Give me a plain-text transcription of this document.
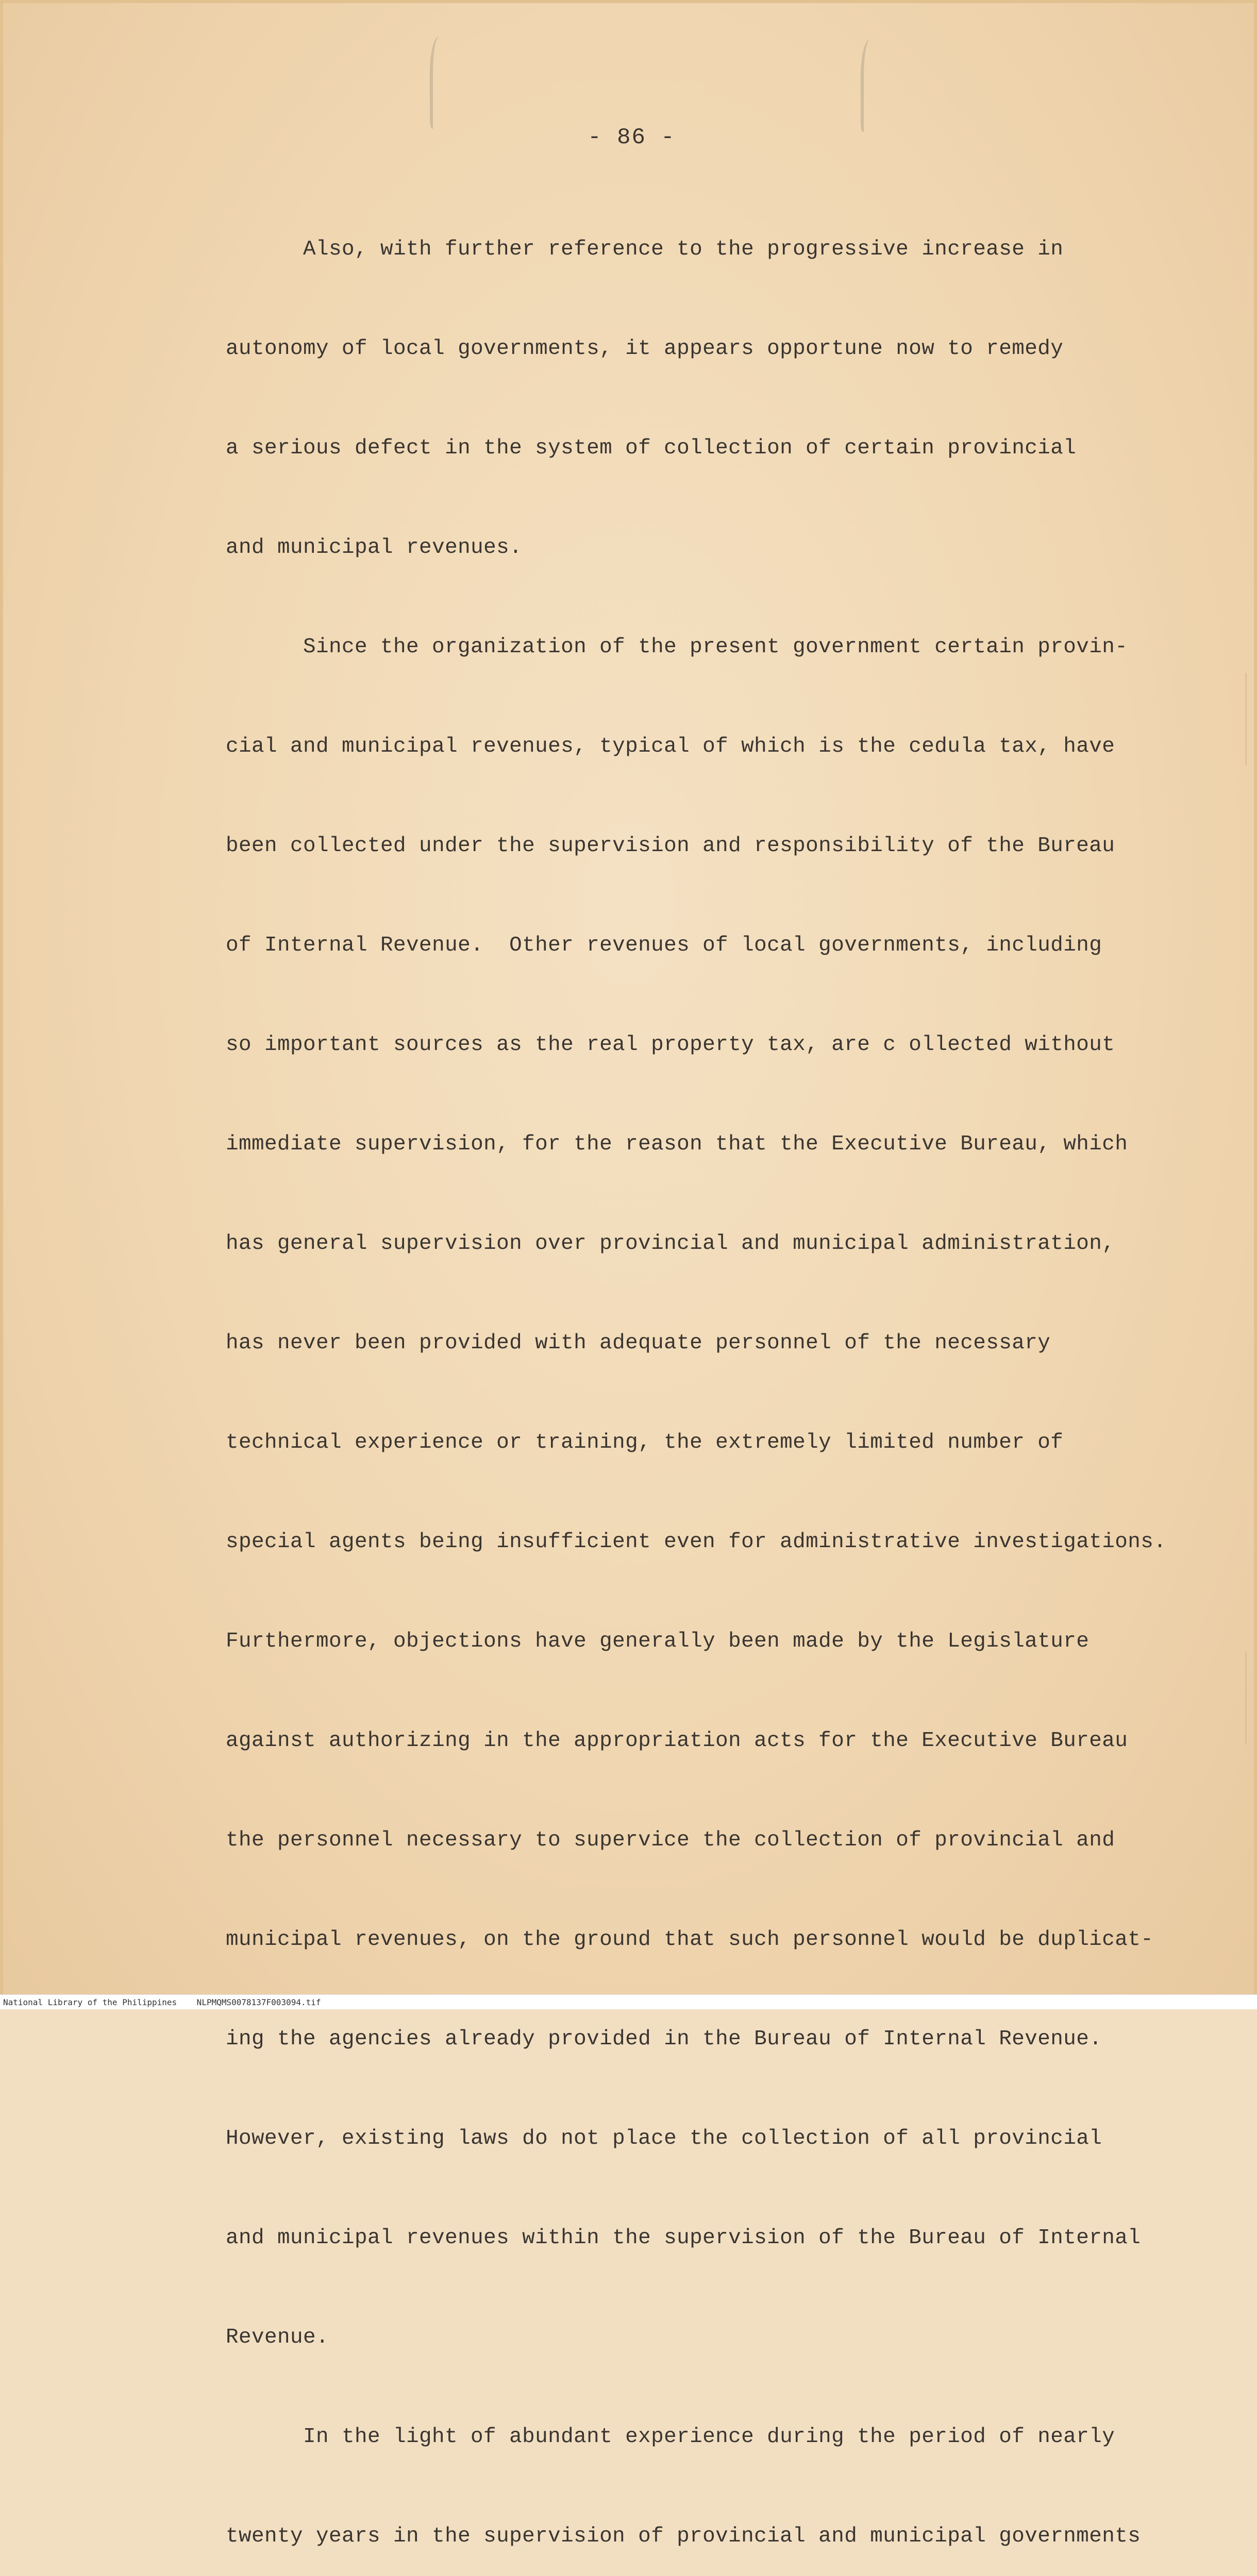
- 86 -

Also, with further reference to the progressive increase in

autonomy of local governments, it appears opportune now to remedy

a serious defect in the system of collection of certain provincial

and municipal revenues.

Since the organization of the present government certain provin-

cial and municipal revenues, typical of which is the cedula tax, have

been collected under the supervision and responsibility of the Bureau

of Internal Revenue.  Other revenues of local governments, including

so important sources as the real property tax, are c ollected without

immediate supervision, for the reason that the Executive Bureau, which

has general supervision over provincial and municipal administration,

has never been provided with adequate personnel of the necessary

technical experience or training, the extremely limited number of

special agents being insufficient even for administrative investigations.

Furthermore, objections have generally been made by the Legislature

against authorizing in the appropriation acts for the Executive Bureau

the personnel necessary to supervice the collection of provincial and

municipal revenues, on the ground that such personnel would be duplicat-

ing the agencies already provided in the Bureau of Internal Revenue.

However, existing laws do not place the collection of all provincial

and municipal revenues within the supervision of the Bureau of Internal

Revenue.

In the light of abundant experience during the period of nearly

twenty years in the supervision of provincial and municipal governments

National Library of the Philippines    NLPMQMS0078137F003094.tif
